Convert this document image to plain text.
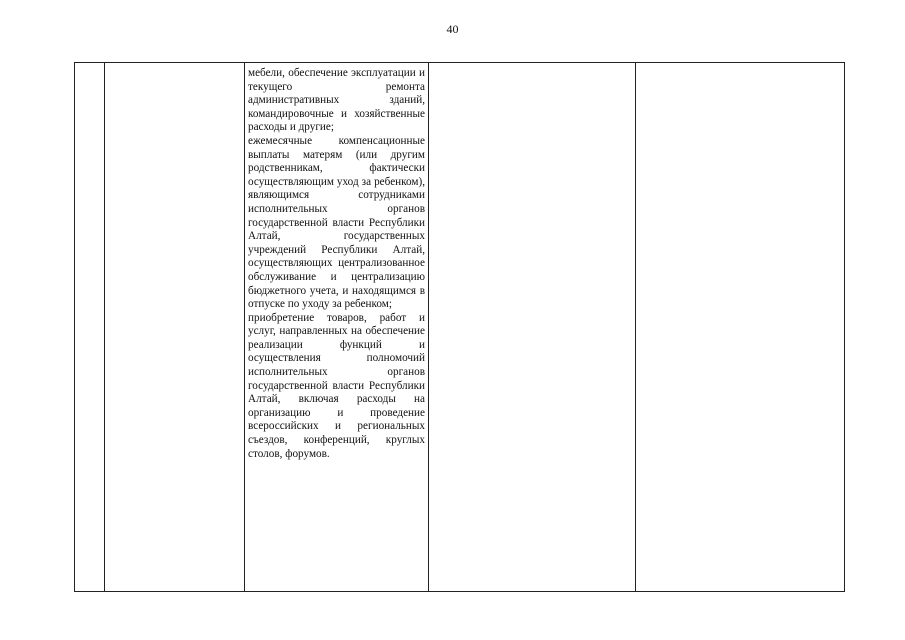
40

мебели, обеспечение эксплуатации и текущего ремонта административных зданий, командировочные и хозяйственные расходы и другие;

ежемесячные компенсационные выплаты матерям (или другим родственникам, фактически осуществляющим уход за ребенком), являющимся сотрудниками исполнительных органов государственной власти Республики Алтай, государственных учреждений Республики Алтай, осуществляющих централизованное обслуживание и централизацию бюджетного учета, и находящимся в отпуске по уходу за ребенком;

приобретение товаров, работ и услуг, направленных на обеспечение реализации функций и осуществления полномочий исполнительных органов государственной власти Республики Алтай, включая расходы на организацию и проведение всероссийских и региональных съездов, конференций, круглых столов, форумов.
